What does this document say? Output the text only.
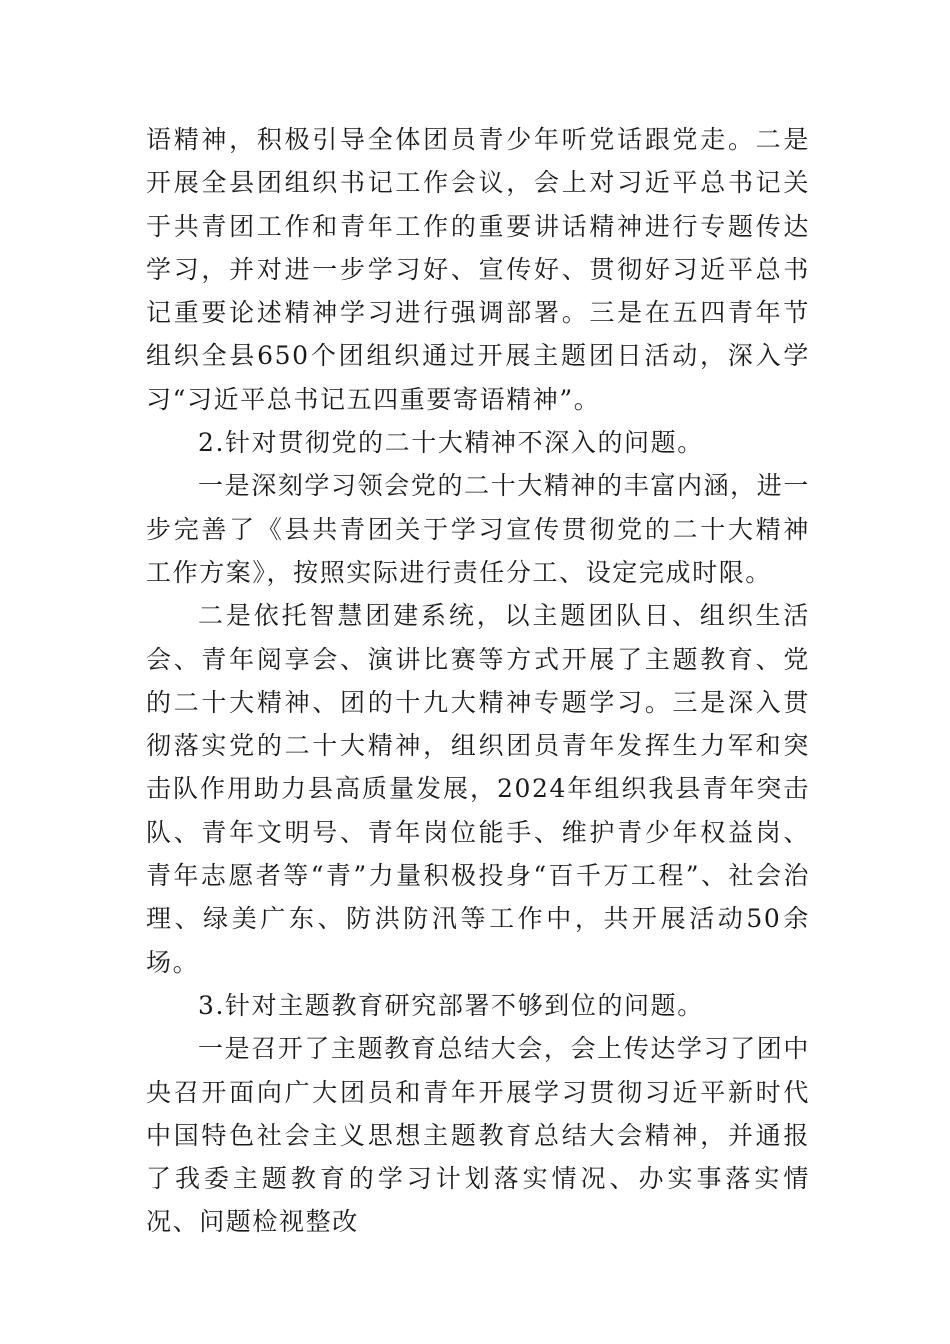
语精神，积极引导全体团员青少年听党话跟党走。二是开展全县团组织书记工作会议，会上对习近平总书记关于共青团工作和青年工作的重要讲话精神进行专题传达学习，并对进一步学习好、宣传好、贯彻好习近平总书记重要论述精神学习进行强调部署。三是在五四青年节组织全县650个团组织通过开展主题团日活动，深入学习“习近平总书记五四重要寄语精神”。

2.针对贯彻党的二十大精神不深入的问题。

一是深刻学习领会党的二十大精神的丰富内涵，进一步完善了《县共青团关于学习宣传贯彻党的二十大精神工作方案》，按照实际进行责任分工、设定完成时限。

二是依托智慧团建系统，以主题团队日、组织生活会、青年阅享会、演讲比赛等方式开展了主题教育、党的二十大精神、团的十九大精神专题学习。三是深入贯彻落实党的二十大精神，组织团员青年发挥生力军和突击队作用助力县高质量发展，2024年组织我县青年突击队、青年文明号、青年岗位能手、维护青少年权益岗、青年志愿者等“青”力量积极投身“百千万工程”、社会治理、绿美广东、防洪防汛等工作中，共开展活动50余场。

3.针对主题教育研究部署不够到位的问题。

一是召开了主题教育总结大会，会上传达学习了团中央召开面向广大团员和青年开展学习贯彻习近平新时代中国特色社会主义思想主题教育总结大会精神，并通报了我委主题教育的学习计划落实情况、办实事落实情况、问题检视整改
